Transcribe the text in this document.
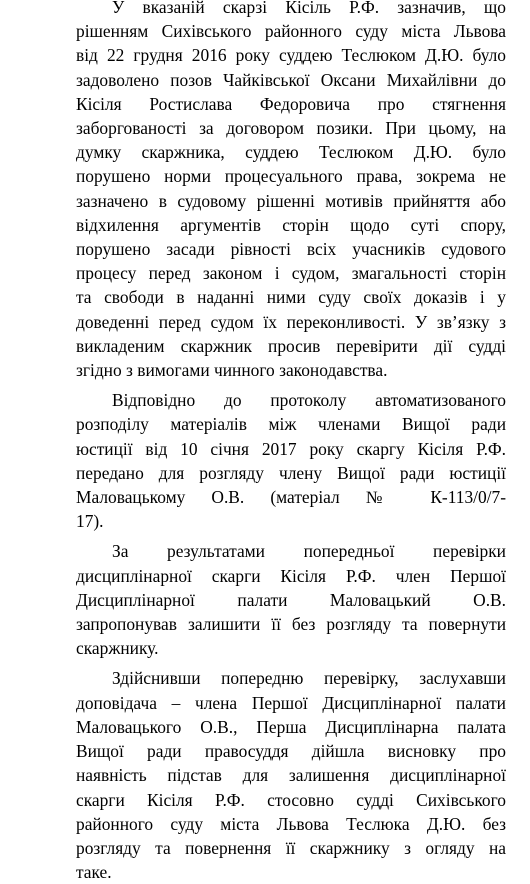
У вказаній скарзі Кісіль Р.Ф. зазначив, що
рішенням Сихівського районного суду міста Львова
від 22 грудня 2016 року суддею Теслюком Д.Ю. було
задоволено позов Чайківської Оксани Михайлівни до
Кісіля Ростислава Федоровича про стягнення
заборгованості за договором позики. При цьому, на
думку скаржника, суддею Теслюком Д.Ю. було
порушено норми процесуального права, зокрема не
зазначено в судовому рішенні мотивів прийняття або
відхилення аргументів сторін щодо суті спору,
порушено засади рівності всіх учасників судового
процесу перед законом і судом, змагальності сторін
та свободи в наданні ними суду своїх доказів і у
доведенні перед судом їх переконливості. У зв’язку з
викладеним скаржник просив перевірити дії судді
згідно з вимогами чинного законодавства.
Відповідно до протоколу автоматизованого
розподілу матеріалів між членами Вищої ради
юстиції від 10 січня 2017 року скаргу Кісіля Р.Ф.
передано для розгляду члену Вищої ради юстиції
Маловацькому О.В. (матеріал № К-113/0/7-
17).
За результатами попередньої перевірки
дисциплінарної скарги Кісіля Р.Ф. член Першої
Дисциплінарної палати Маловацький О.В.
запропонував залишити її без розгляду та повернути
скаржнику.
Здійснивши попередню перевірку, заслухавши
доповідача – члена Першої Дисциплінарної палати
Маловацького О.В., Перша Дисциплінарна палата
Вищої ради правосуддя дійшла висновку про
наявність підстав для залишення дисциплінарної
скарги Кісіля Р.Ф. стосовно судді Сихівського
районного суду міста Львова Теслюка Д.Ю. без
розгляду та повернення її скаржнику з огляду на
таке.
